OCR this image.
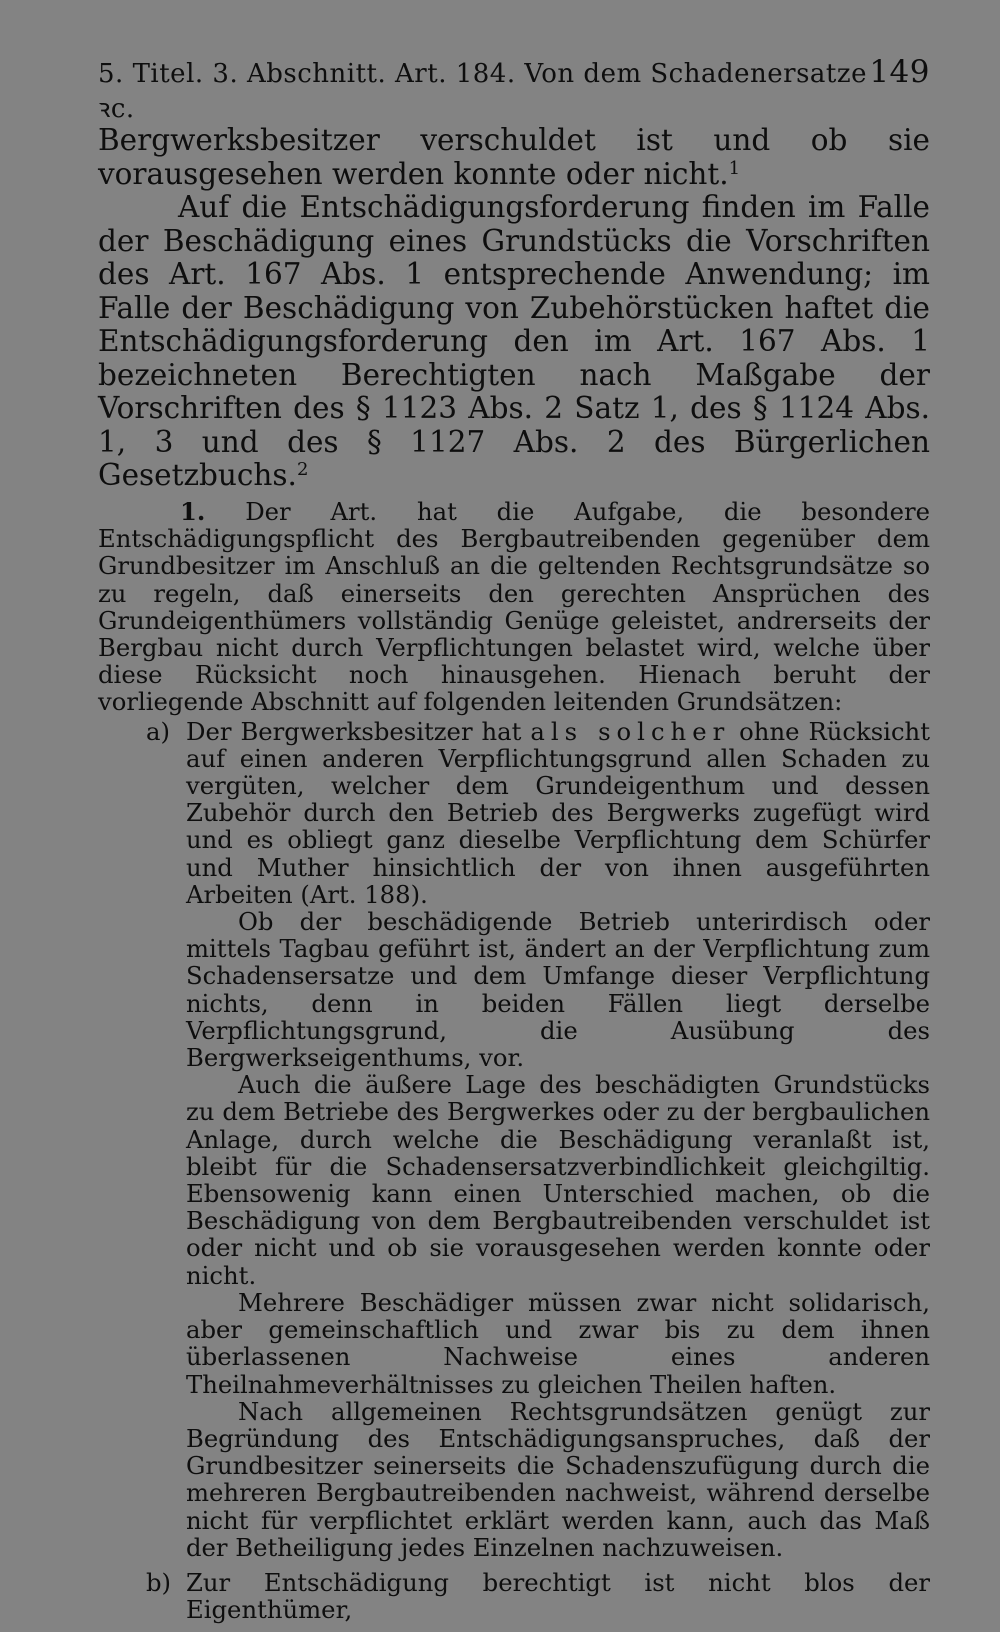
5. Titel. 3. Abschnitt. Art. 184. Von dem Schadenersatze ꝛc.
149

Bergwerksbesitzer verschuldet ist und ob sie vorausgesehen werden konnte oder nicht.$^1$

Auf die Entschädigungsforderung finden im Falle der Beschädigung eines Grundstücks die Vorschriften des Art. 167 Abs. 1 entsprechende Anwendung; im Falle der Beschädigung von Zubehörstücken haftet die Entschädigungsforderung den im Art. 167 Abs. 1 bezeichneten Berechtigten nach Maßgabe der Vorschriften des § 1123 Abs. 2 Satz 1, des § 1124 Abs. 1, 3 und des § 1127 Abs. 2 des Bürgerlichen Gesetzbuchs.$^2$

1. Der Art. hat die Aufgabe, die besondere Entschädigungspflicht des Bergbautreibenden gegenüber dem Grundbesitzer im Anschluß an die geltenden Rechtsgrundsätze so zu regeln, daß einerseits den gerechten Ansprüchen des Grundeigenthümers vollständig Genüge geleistet, andrerseits der Bergbau nicht durch Verpflichtungen belastet wird, welche über diese Rücksicht noch hinausgehen. Hienach beruht der vorliegende Abschnitt auf folgenden leitenden Grundsätzen:

a) Der Bergwerksbesitzer hat als solcher ohne Rücksicht auf einen anderen Verpflichtungsgrund allen Schaden zu vergüten, welcher dem Grundeigenthum und dessen Zubehör durch den Betrieb des Bergwerks zugefügt wird und es obliegt ganz dieselbe Verpflichtung dem Schürfer und Muther hinsichtlich der von ihnen ausgeführten Arbeiten (Art. 188).

Ob der beschädigende Betrieb unterirdisch oder mittels Tagbau geführt ist, ändert an der Verpflichtung zum Schadensersatze und dem Umfange dieser Verpflichtung nichts, denn in beiden Fällen liegt derselbe Verpflichtungsgrund, die Ausübung des Bergwerkseigenthums, vor.

Auch die äußere Lage des beschädigten Grundstücks zu dem Betriebe des Bergwerkes oder zu der bergbaulichen Anlage, durch welche die Beschädigung veranlaßt ist, bleibt für die Schadensersatzverbindlichkeit gleichgiltig. Ebensowenig kann einen Unterschied machen, ob die Beschädigung von dem Bergbautreibenden verschuldet ist oder nicht und ob sie vorausgesehen werden konnte oder nicht.

Mehrere Beschädiger müssen zwar nicht solidarisch, aber gemeinschaftlich und zwar bis zu dem ihnen überlassenen Nachweise eines anderen Theilnahmeverhältnisses zu gleichen Theilen haften.

Nach allgemeinen Rechtsgrundsätzen genügt zur Begründung des Entschädigungsanspruches, daß der Grundbesitzer seinerseits die Schadenszufügung durch die mehreren Bergbautreibenden nachweist, während derselbe nicht für verpflichtet erklärt werden kann, auch das Maß der Betheiligung jedes Einzelnen nachzuweisen.

b) Zur Entschädigung berechtigt ist nicht blos der Eigenthümer,
